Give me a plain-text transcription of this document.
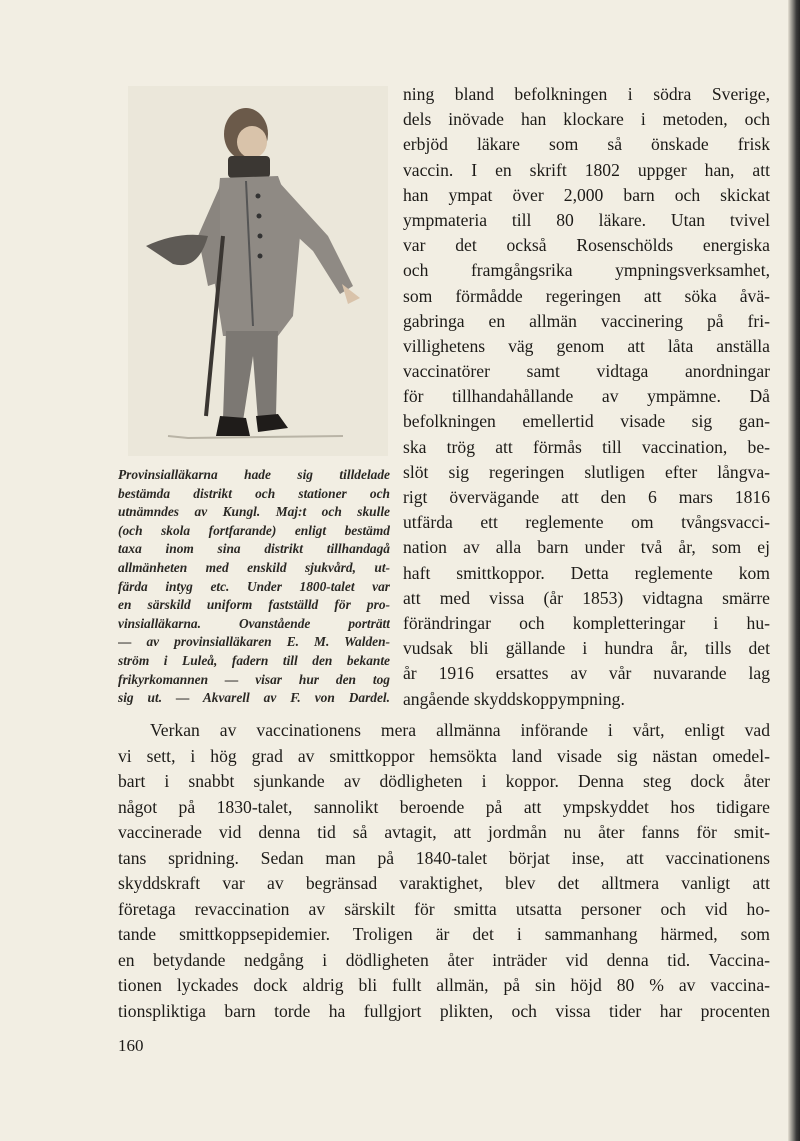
Provinsialläkarna hade sig tilldelade
bestämda distrikt och stationer och
utnämndes av Kungl. Maj:t och skulle
(och skola fortfarande) enligt bestämd
taxa inom sina distrikt tillhandagå
allmänheten med enskild sjukvård, ut-
färda intyg etc. Under 1800-talet var
en särskild uniform fastställd för pro-
vinsialläkarna. Ovanstående porträtt
— av provinsialläkaren E. M. Walden-
ström i Luleå, fadern till den bekante
frikyrkomannen — visar hur den tog
sig ut. — Akvarell av F. von Dardel.
ning bland befolkningen i södra Sverige,
dels inövade han klockare i metoden, och
erbjöd läkare som så önskade frisk
vaccin. I en skrift 1802 uppger han, att
han ympat över 2,000 barn och skickat
ympmateria till 80 läkare. Utan tvivel
var det också Rosenschölds energiska
och framgångsrika ympningsverksamhet,
som förmådde regeringen att söka åvä-
gabringa en allmän vaccinering på fri-
villighetens väg genom att låta anställa
vaccinatörer samt vidtaga anordningar
för tillhandahållande av ympämne. Då
befolkningen emellertid visade sig gan-
ska trög att förmås till vaccination, be-
slöt sig regeringen slutligen efter långva-
rigt övervägande att den 6 mars 1816
utfärda ett reglemente om tvångsvacci-
nation av alla barn under två år, som ej
haft smittkoppor. Detta reglemente kom
att med vissa (år 1853) vidtagna smärre
förändringar och kompletteringar i hu-
vudsak bli gällande i hundra år, tills det
år 1916 ersattes av vår nuvarande lag
angående skyddskoppympning.
Verkan av vaccinationens mera allmänna införande i vårt, enligt vad
vi sett, i hög grad av smittkoppor hemsökta land visade sig nästan omedel-
bart i snabbt sjunkande av dödligheten i koppor. Denna steg dock åter
något på 1830-talet, sannolikt beroende på att ympskyddet hos tidigare
vaccinerade vid denna tid så avtagit, att jordmån nu åter fanns för smit-
tans spridning. Sedan man på 1840-talet börjat inse, att vaccinationens
skyddskraft var av begränsad varaktighet, blev det alltmera vanligt att
företaga revaccination av särskilt för smitta utsatta personer och vid ho-
tande smittkoppsepidemier. Troligen är det i sammanhang härmed, som
en betydande nedgång i dödligheten åter inträder vid denna tid. Vaccina-
tionen lyckades dock aldrig bli fullt allmän, på sin höjd 80 % av vaccina-
tionspliktiga barn torde ha fullgjort plikten, och vissa tider har procenten
160
